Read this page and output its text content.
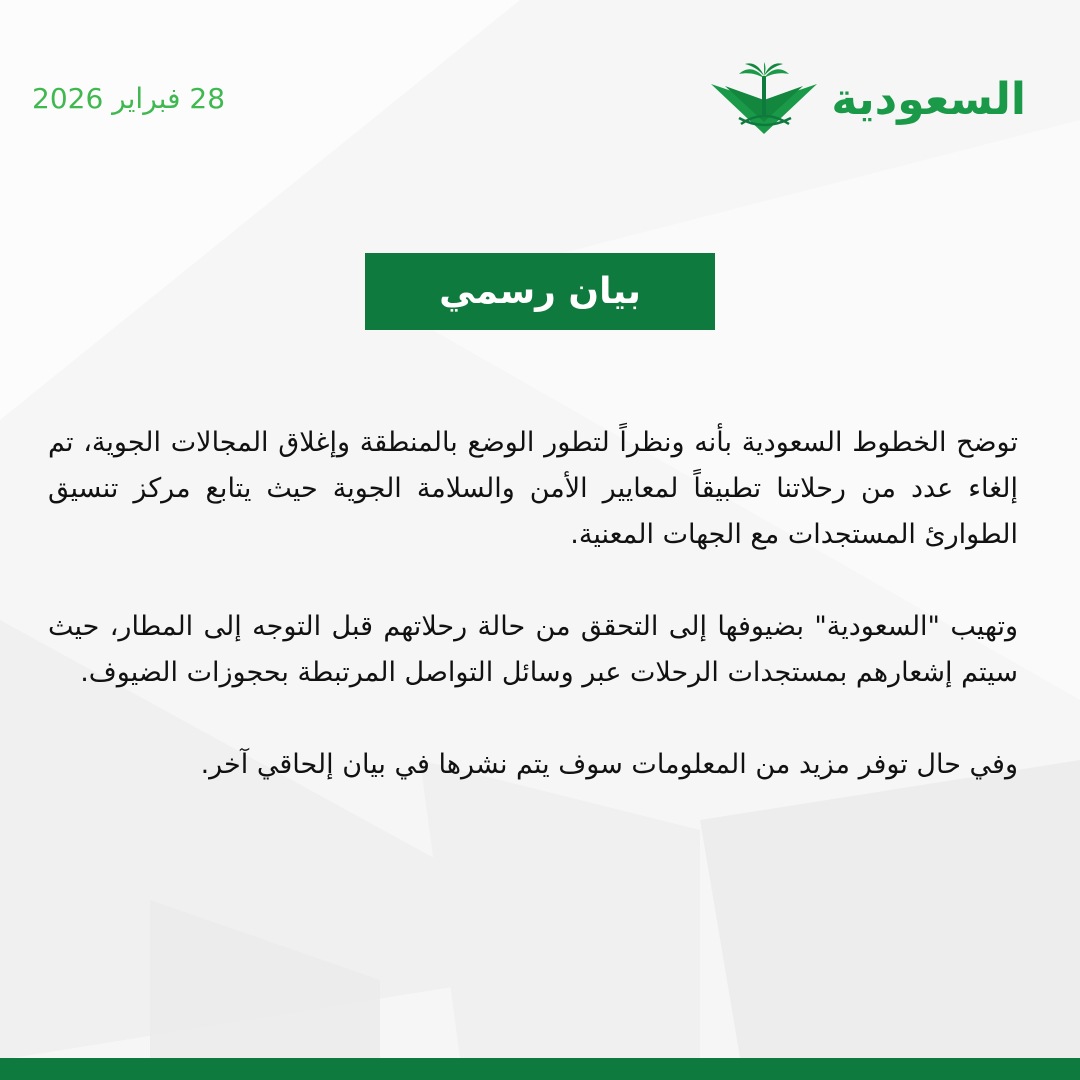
28 فبراير 2026	السعودية
بيان رسمي

توضح الخطوط السعودية بأنه ونظراً لتطور الوضع بالمنطقة وإغلاق المجالات الجوية، تم إلغاء عدد من رحلاتنا تطبيقاً لمعايير الأمن والسلامة الجوية حيث يتابع مركز تنسيق الطوارئ المستجدات مع الجهات المعنية.

وتهيب "السعودية" بضيوفها إلى التحقق من حالة رحلاتهم قبل التوجه إلى المطار، حيث سيتم إشعارهم بمستجدات الرحلات عبر وسائل التواصل المرتبطة بحجوزات الضيوف.

وفي حال توفر مزيد من المعلومات سوف يتم نشرها في بيان إلحاقي آخر.
